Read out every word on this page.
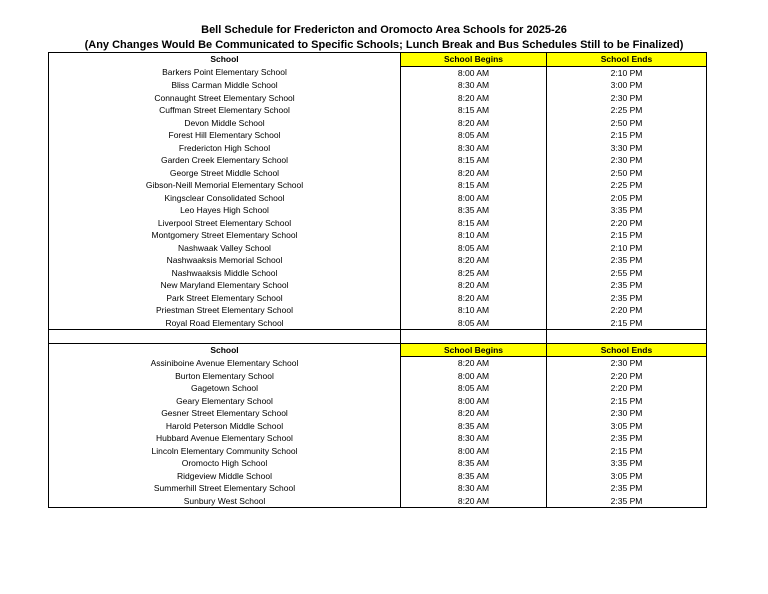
Bell Schedule for Fredericton and Oromocto Area Schools for 2025-26
(Any Changes Would Be Communicated to Specific Schools; Lunch Break and Bus Schedules Still to be Finalized)
School	School Begins	School Ends
Barkers Point Elementary School	8:00 AM	2:10 PM
Bliss Carman Middle School	8:30 AM	3:00 PM
Connaught Street Elementary School	8:20 AM	2:30 PM
Cuffman Street Elementary School	8:15 AM	2:25 PM
Devon Middle School	8:20 AM	2:50 PM
Forest Hill Elementary School	8:05 AM	2:15 PM
Fredericton High School	8:30 AM	3:30 PM
Garden Creek Elementary School	8:15 AM	2:30 PM
George Street Middle School	8:20 AM	2:50 PM
Gibson-Neill Memorial Elementary School	8:15 AM	2:25 PM
Kingsclear Consolidated School	8:00 AM	2:05 PM
Leo Hayes High School	8:35 AM	3:35 PM
Liverpool Street Elementary School	8:15 AM	2:20 PM
Montgomery Street Elementary School	8:10 AM	2:15 PM
Nashwaak Valley School	8:05 AM	2:10 PM
Nashwaaksis Memorial School	8:20 AM	2:35 PM
Nashwaaksis Middle School	8:25 AM	2:55 PM
New Maryland Elementary School	8:20 AM	2:35 PM
Park Street Elementary School	8:20 AM	2:35 PM
Priestman Street Elementary School	8:10 AM	2:20 PM
Royal Road Elementary School	8:05 AM	2:15 PM

School	School Begins	School Ends
Assiniboine Avenue Elementary School	8:20 AM	2:30 PM
Burton Elementary School	8:00 AM	2:20 PM
Gagetown School	8:05 AM	2:20 PM
Geary Elementary School	8:00 AM	2:15 PM
Gesner Street Elementary School	8:20 AM	2:30 PM
Harold Peterson Middle School	8:35 AM	3:05 PM
Hubbard Avenue Elementary School	8:30 AM	2:35 PM
Lincoln Elementary Community School	8:00 AM	2:15 PM
Oromocto High School	8:35 AM	3:35 PM
Ridgeview Middle School	8:35 AM	3:05 PM
Summerhill Street Elementary School	8:30 AM	2:35 PM
Sunbury West School	8:20 AM	2:35 PM
